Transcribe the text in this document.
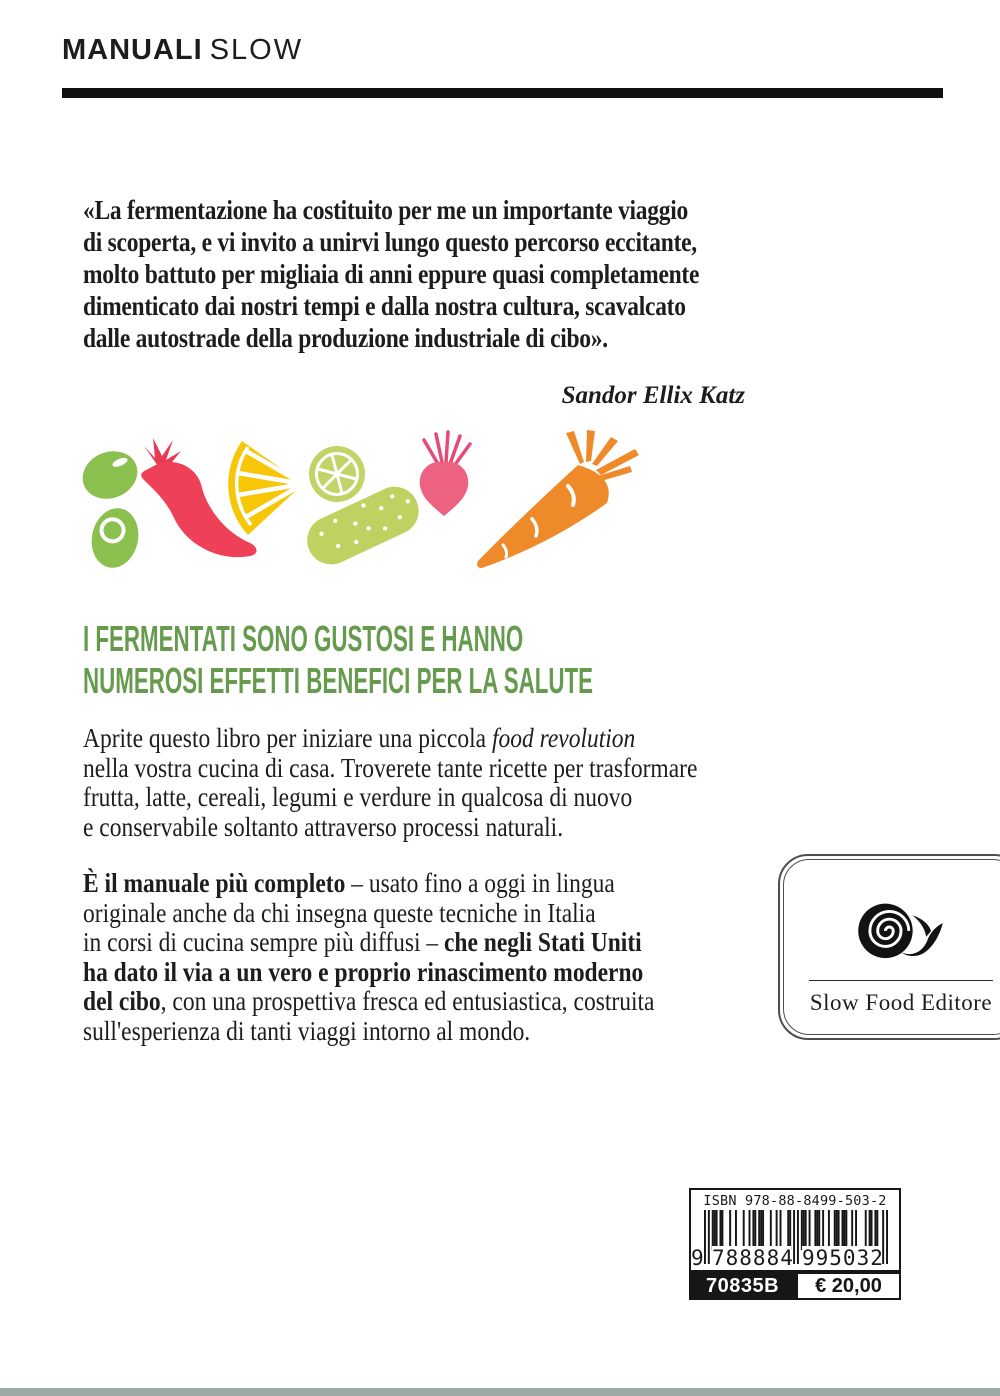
MANUALI SLOW
«La fermentazione ha costituito per me un importante viaggio
di scoperta, e vi invito a unirvi lungo questo percorso eccitante,
molto battuto per migliaia di anni eppure quasi completamente
dimenticato dai nostri tempi e dalla nostra cultura, scavalcato
dalle autostrade della produzione industriale di cibo».
Sandor Ellix Katz
I FERMENTATI SONO GUSTOSI E HANNO
NUMEROSI EFFETTI BENEFICI PER LA SALUTE
Aprite questo libro per iniziare una piccola food revolution
nella vostra cucina di casa. Troverete tante ricette per trasformare
frutta, latte, cereali, legumi e verdure in qualcosa di nuovo
e conservabile soltanto attraverso processi naturali.
È il manuale più completo – usato fino a oggi in lingua
originale anche da chi insegna queste tecniche in Italia
in corsi di cucina sempre più diffusi – che negli Stati Uniti
ha dato il via a un vero e proprio rinascimento moderno
del cibo, con una prospettiva fresca ed entusiastica, costruita
sull'esperienza di tanti viaggi intorno al mondo.
Slow Food Editore
ISBN 978-88-8499-503-2
9 788884 995032
70835B	€ 20,00
